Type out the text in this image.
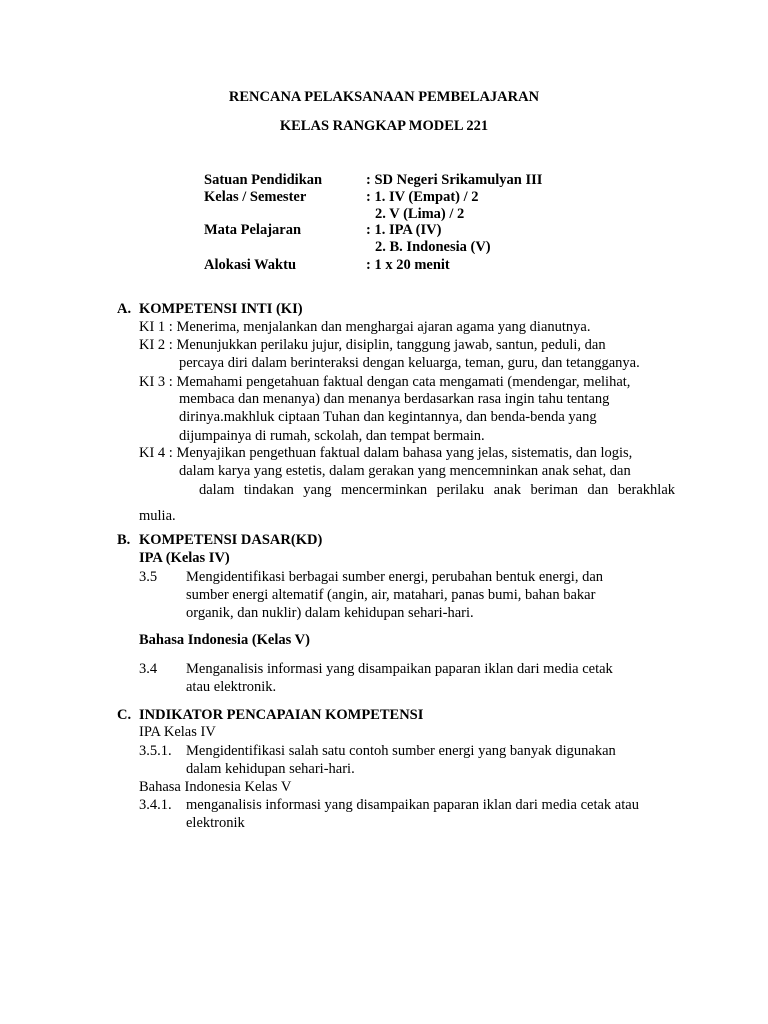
RENCANA PELAKSANAAN PEMBELAJARAN
KELAS RANGKAP MODEL 221
Satuan Pendidikan	: SD Negeri Srikamulyan III
Kelas / Semester	: 1. IV (Empat) / 2
2. V (Lima) / 2
Mata Pelajaran	: 1. IPA (IV)
2. B. Indonesia (V)
Alokasi Waktu	: 1 x 20 menit
A. KOMPETENSI INTI (KI)
KI 1 : Menerima, menjalankan dan menghargai ajaran agama yang dianutnya.
KI 2 : Menunjukkan perilaku jujur, disiplin, tanggung jawab, santun, peduli, dan
percaya diri dalam berinteraksi dengan keluarga, teman, guru, dan tetangganya.
KI 3 : Memahami pengetahuan faktual dengan cata mengamati (mendengar, melihat,
membaca dan menanya) dan menanya berdasarkan rasa ingin tahu tentang
dirinya.makhluk ciptaan Tuhan dan kegintannya, dan benda-benda yang
dijumpainya di rumah, sckolah, dan tempat bermain.
KI 4 : Menyajikan pengethuan faktual dalam bahasa yang jelas, sistematis, dan logis,
dalam karya yang estetis, dalam gerakan yang mencemninkan anak sehat, dan
dalam tindakan yang mencerminkan perilaku anak beriman dan berakhlak
mulia.
B. KOMPETENSI DASAR(KD)
IPA (Kelas IV)
3.5 Mengidentifikasi berbagai sumber energi, perubahan bentuk energi, dan
sumber energi altematif (angin, air, matahari, panas bumi, bahan bakar
organik, dan nuklir) dalam kehidupan sehari-hari.
Bahasa Indonesia (Kelas V)
3.4 Menganalisis informasi yang disampaikan paparan iklan dari media cetak
atau elektronik.
C. INDIKATOR PENCAPAIAN KOMPETENSI
IPA Kelas IV
3.5.1. Mengidentifikasi salah satu contoh sumber energi yang banyak digunakan
dalam kehidupan sehari-hari.
Bahasa Indonesia Kelas V
3.4.1. menganalisis informasi yang disampaikan paparan iklan dari media cetak atau
elektronik
